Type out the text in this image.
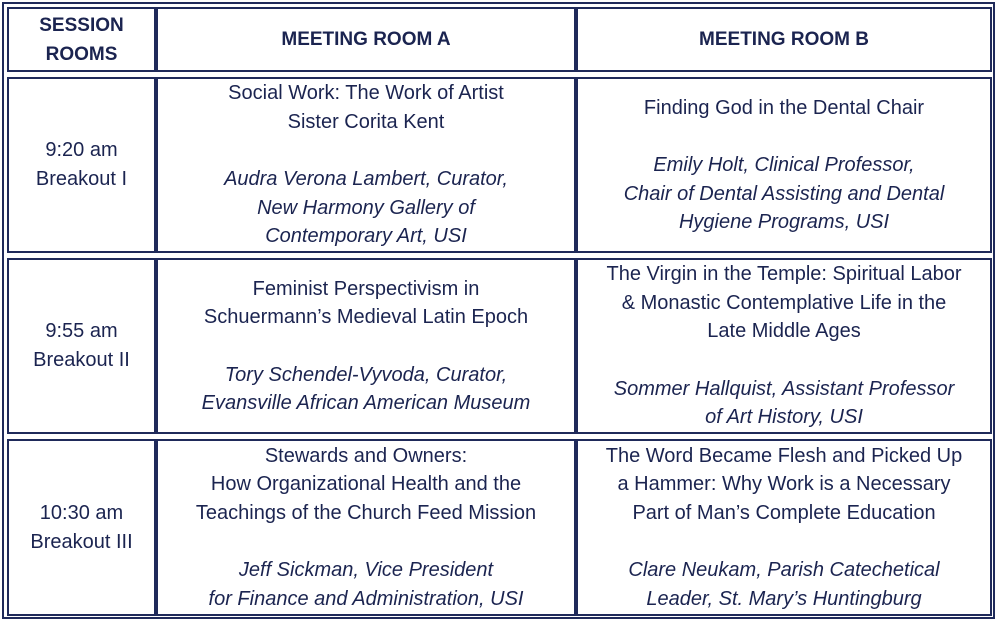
SESSION
ROOMS
MEETING ROOM A	MEETING ROOM B
9:20 am
Breakout I
Social Work: The Work of Artist
Sister Corita Kent
Audra Verona Lambert, Curator,
New Harmony Gallery of
Contemporary Art, USI
Finding God in the Dental Chair
Emily Holt, Clinical Professor,
Chair of Dental Assisting and Dental
Hygiene Programs, USI
9:55 am
Breakout II
Feminist Perspectivism in
Schuermann’s Medieval Latin Epoch
Tory Schendel-Vyvoda, Curator,
Evansville African American Museum
The Virgin in the Temple: Spiritual Labor
& Monastic Contemplative Life in the
Late Middle Ages
Sommer Hallquist, Assistant Professor
of Art History, USI
10:30 am
Breakout III
Stewards and Owners:
How Organizational Health and the
Teachings of the Church Feed Mission
Jeff Sickman, Vice President
for Finance and Administration, USI
The Word Became Flesh and Picked Up
a Hammer: Why Work is a Necessary
Part of Man’s Complete Education
Clare Neukam, Parish Catechetical
Leader, St. Mary’s Huntingburg
